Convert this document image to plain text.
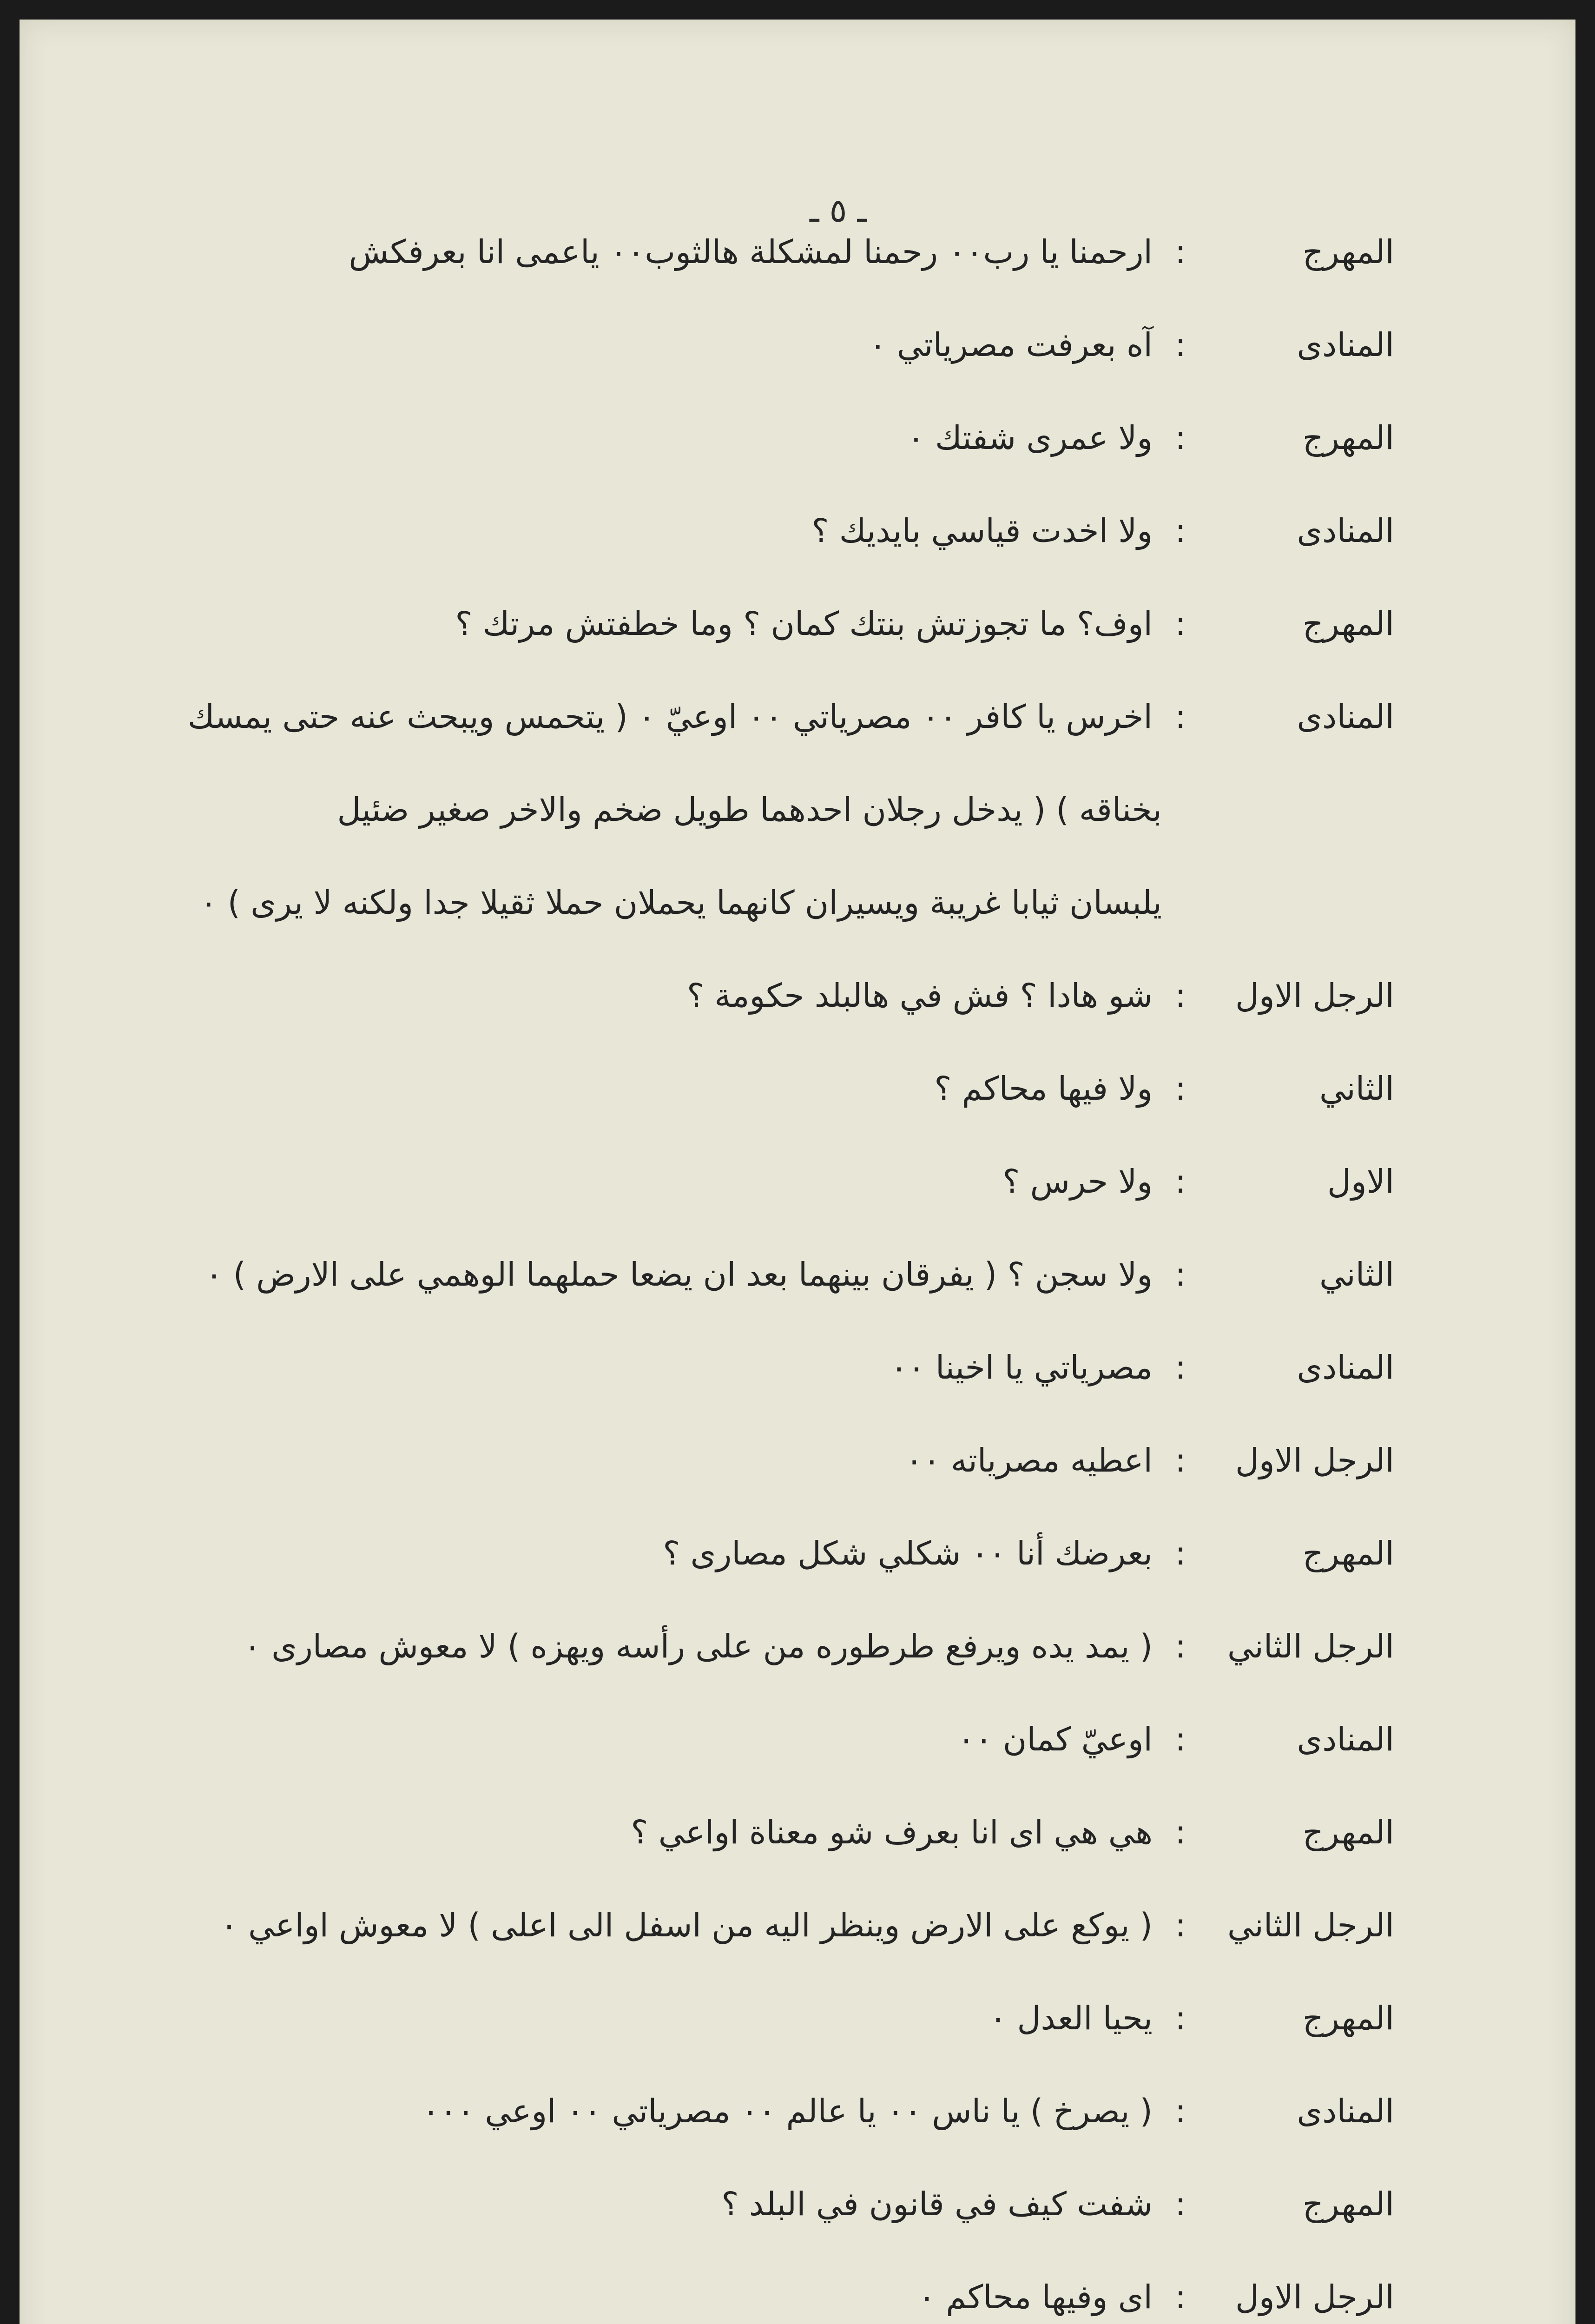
ـ ٥ ـ
المهرج
:
ارحمنا يا رب٠٠ رحمنا لمشكلة هالثوب٠٠ ياعمى انا بعرفكش
المنادى
:
آه بعرفت مصرياتي ٠
المهرج
:
ولا عمرى شفتك ٠
المنادى
:
ولا اخدت قياسي بايديك ؟
المهرج
:
اوف؟ ما تجوزتش بنتك كمان ؟ وما خطفتش مرتك ؟
المنادى
:
اخرس يا كافر ٠٠ مصرياتي ٠٠ اوعيّ ٠ ( يتحمس ويبحث عنه حتى يمسك
بخناقه ) ( يدخل رجلان احدهما طويل ضخم والاخر صغير ضئيل
يلبسان ثيابا غريبة ويسيران كانهما يحملان حملا ثقيلا جدا ولكنه لا يرى ) ٠
الرجل الاول
:
شو هادا ؟ فش في هالبلد حكومة ؟
الثاني
:
ولا فيها محاكم ؟
الاول
:
ولا حرس ؟
الثاني
:
ولا سجن ؟ ( يفرقان بينهما بعد ان يضعا حملهما الوهمي على الارض ) ٠
المنادى
:
مصرياتي يا اخينا ٠٠
الرجل الاول
:
اعطيه مصرياته ٠٠
المهرج
:
بعرضك أنا ٠٠ شكلي شكل مصارى ؟
الرجل الثاني
:
( يمد يده ويرفع طرطوره من على رأسه ويهزه ) لا معوش مصارى ٠
المنادى
:
اوعيّ كمان ٠٠
المهرج
:
هي هي اى انا بعرف شو معناة اواعي ؟
الرجل الثاني
:
( يوكع على الارض وينظر اليه من اسفل الى اعلى ) لا معوش اواعي ٠
المهرج
:
يحيا العدل ٠
المنادى
:
( يصرخ ) يا ناس ٠٠ يا عالم ٠٠ مصرياتي ٠٠ اوعي ٠٠٠
المهرج
:
شفت كيف في قانون في البلد ؟
الرجل الاول
:
اى وفيها محاكم ٠
